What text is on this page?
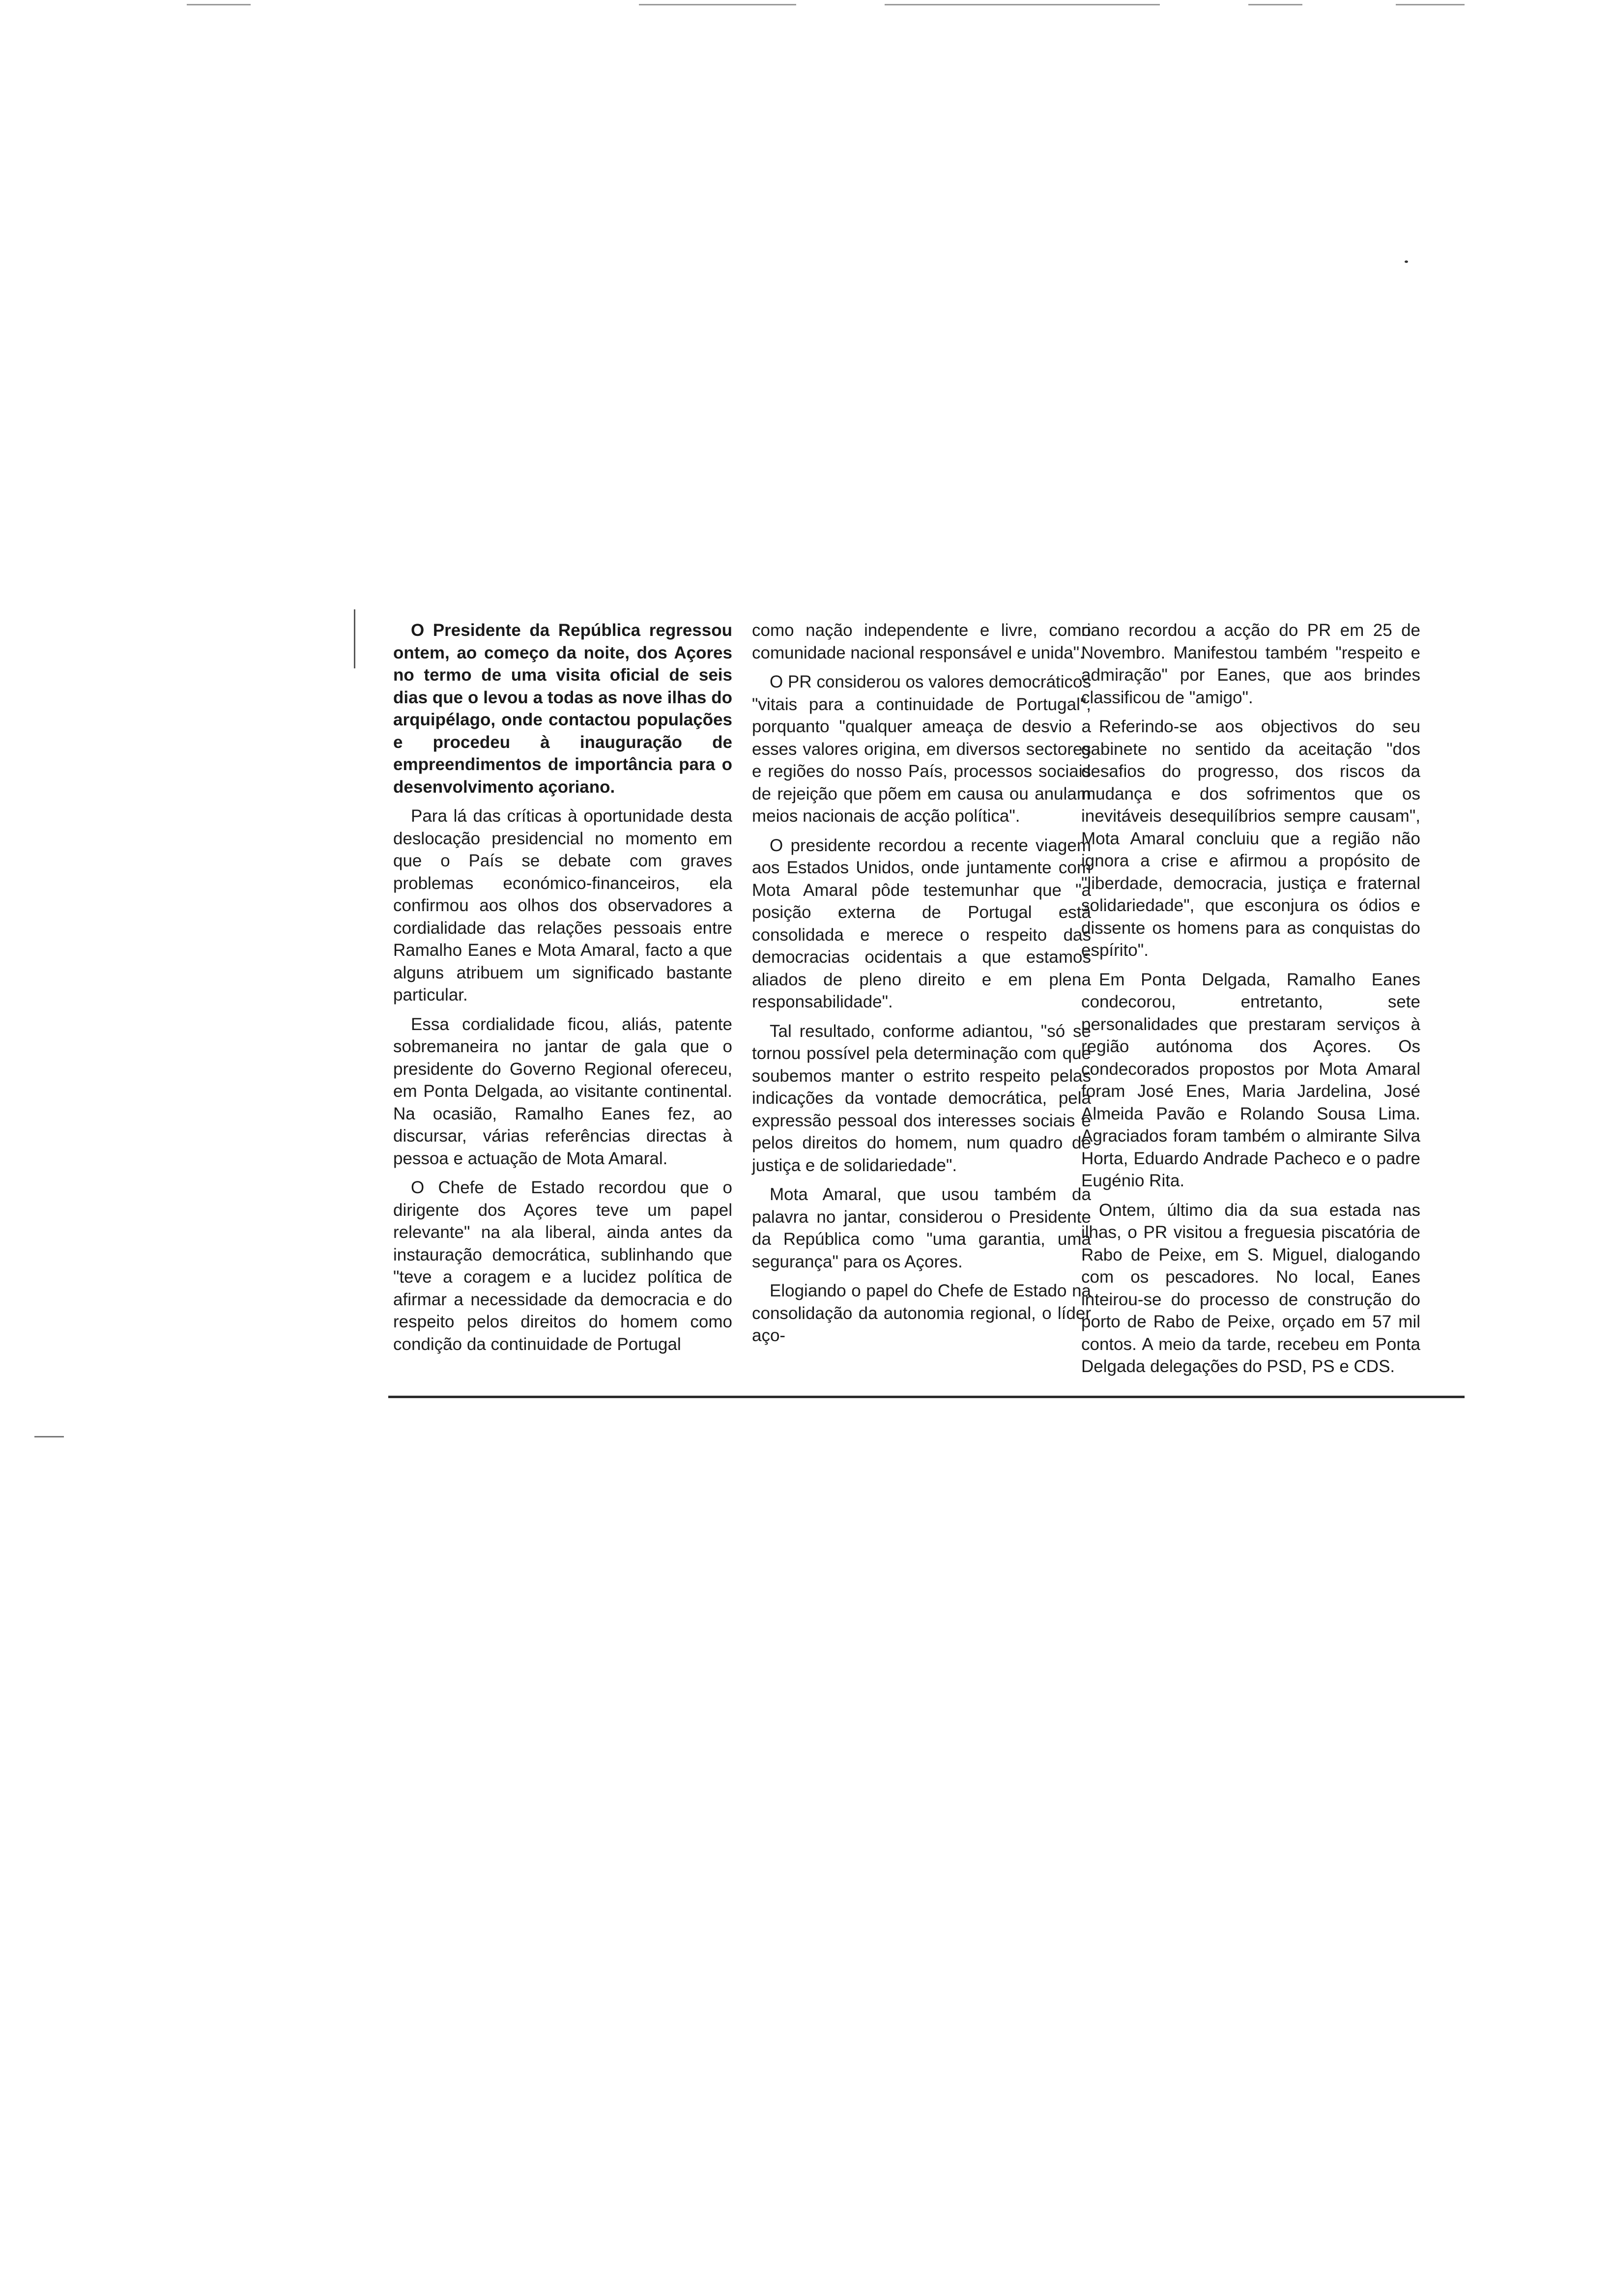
O Presidente da República regressou ontem, ao começo da noite, dos Açores no termo de uma visita oficial de seis dias que o levou a todas as nove ilhas do arquipélago, onde contactou populações e procedeu à inauguração de empreendimentos de importância para o desenvolvimento açoriano.

Para lá das críticas à oportunidade desta deslocação presidencial no momento em que o País se debate com graves problemas económico-financeiros, ela confirmou aos olhos dos observadores a cordialidade das relações pessoais entre Ramalho Eanes e Mota Amaral, facto a que alguns atribuem um significado bastante particular.

Essa cordialidade ficou, aliás, patente sobremaneira no jantar de gala que o presidente do Governo Regional ofereceu, em Ponta Delgada, ao visitante continental. Na ocasião, Ramalho Eanes fez, ao discursar, várias referências directas à pessoa e actuação de Mota Amaral.

O Chefe de Estado recordou que o dirigente dos Açores teve um papel relevante" na ala liberal, ainda antes da instauração democrática, sublinhando que "teve a coragem e a lucidez política de afirmar a necessidade da democracia e do respeito pelos direitos do homem como condição da continuidade de Portugal

como nação independente e livre, como comunidade nacional responsável e unida".

O PR considerou os valores democráticos "vitais para a continuidade de Portugal", porquanto "qualquer ameaça de desvio a esses valores origina, em diversos sectores e regiões do nosso País, processos sociais de rejeição que põem em causa ou anulam meios nacionais de acção política".

O presidente recordou a recente viagem aos Estados Unidos, onde juntamente com Mota Amaral pôde testemunhar que "a posição externa de Portugal está consolidada e merece o respeito das democracias ocidentais a que estamos aliados de pleno direito e em plena responsabilidade".

Tal resultado, conforme adiantou, "só se tornou possível pela determinação com que soubemos manter o estrito respeito pelas indicações da vontade democrática, pela expressão pessoal dos interesses sociais e pelos direitos do homem, num quadro de justiça e de solidariedade".

Mota Amaral, que usou também da palavra no jantar, considerou o Presidente da República como "uma garantia, uma segurança" para os Açores.

Elogiando o papel do Chefe de Estado na consolidação da autonomia regional, o líder aço-

riano recordou a acção do PR em 25 de Novembro. Manifestou também "respeito e admiração" por Eanes, que aos brindes classificou de "amigo".

Referindo-se aos objectivos do seu gabinete no sentido da aceitação "dos desafios do progresso, dos riscos da mudança e dos sofrimentos que os inevitáveis desequilíbrios sempre causam", Mota Amaral concluiu que a região não ignora a crise e afirmou a propósito de "liberdade, democracia, justiça e fraternal solidariedade", que esconjura os ódios e dissente os homens para as conquistas do espírito".

Em Ponta Delgada, Ramalho Eanes condecorou, entretanto, sete personalidades que prestaram serviços à região autónoma dos Açores. Os condecorados propostos por Mota Amaral foram José Enes, Maria Jardelina, José Almeida Pavão e Rolando Sousa Lima. Agraciados foram também o almirante Silva Horta, Eduardo Andrade Pacheco e o padre Eugénio Rita.

Ontem, último dia da sua estada nas ilhas, o PR visitou a freguesia piscatória de Rabo de Peixe, em S. Miguel, dialogando com os pescadores. No local, Eanes inteirou-se do processo de construção do porto de Rabo de Peixe, orçado em 57 mil contos. A meio da tarde, recebeu em Ponta Delgada delegações do PSD, PS e CDS.
